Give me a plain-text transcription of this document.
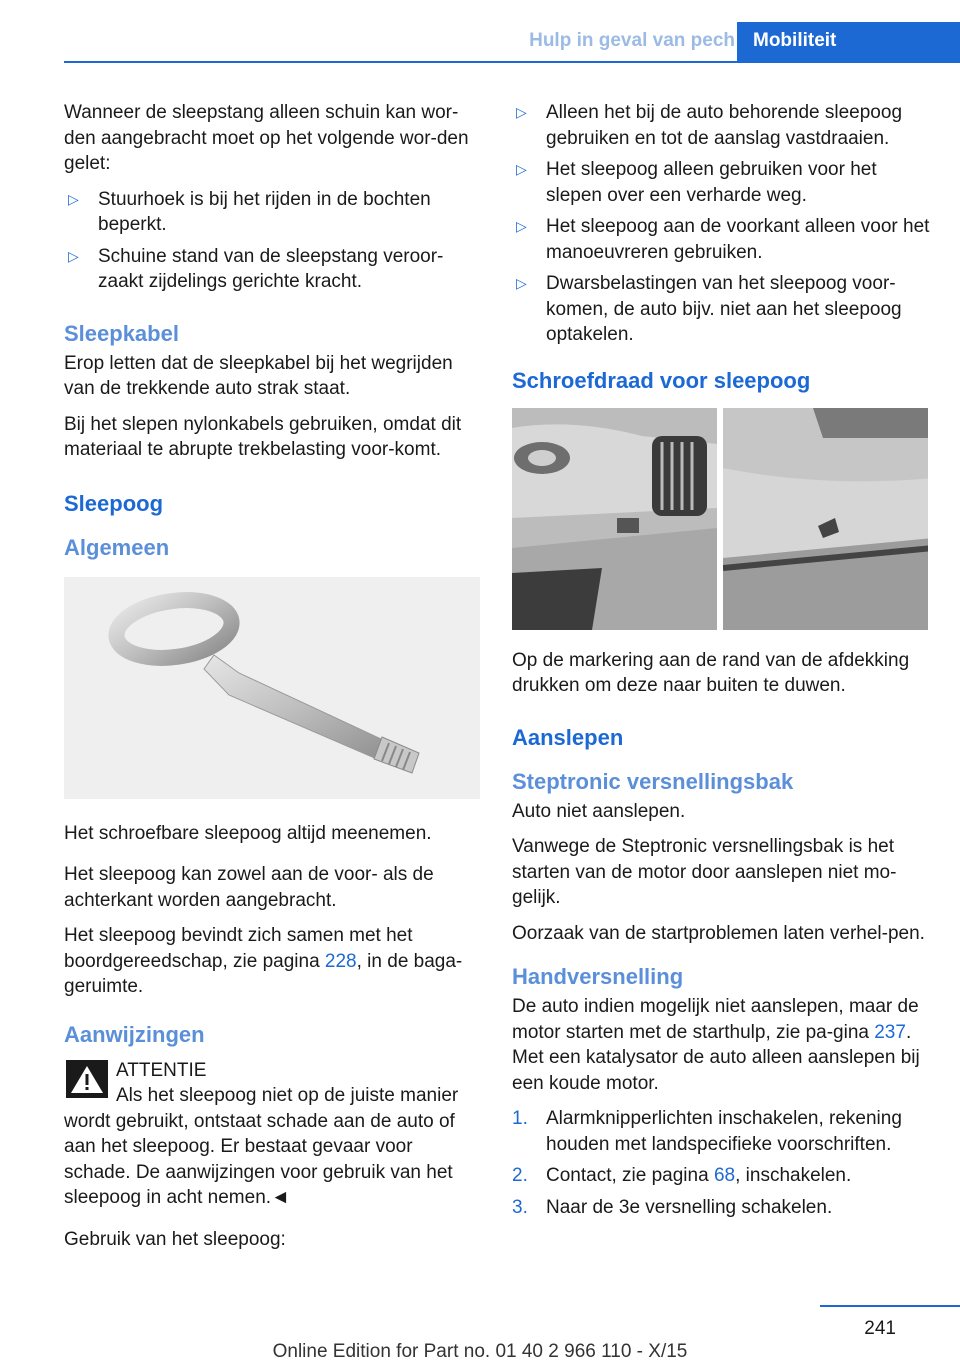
Hulp in geval van pech Mobiliteit

Wanneer de sleepstang alleen schuin kan wor-den aangebracht moet op het volgende wor-den gelet:

▷ Stuurhoek is bij het rijden in de bochten beperkt.
▷ Schuine stand van de sleepstang veroor-zaakt zijdelings gerichte kracht.
Sleepkabel

Erop letten dat de sleepkabel bij het wegrijden van de trekkende auto strak staat.

Bij het slepen nylonkabels gebruiken, omdat dit materiaal te abrupte trekbelasting voor-komt.

Sleepoog
Algemeen

Het schroefbare sleepoog altijd meenemen.

Het sleepoog kan zowel aan de voor- als de achterkant worden aangebracht.

Het sleepoog bevindt zich samen met het boordgereedschap, zie pagina 228, in de baga-geruimte.

Aanwijzingen

ATTENTIE

Als het sleepoog niet op de juiste manier

wordt gebruikt, ontstaat schade aan de auto of aan het sleepoog. Er bestaat gevaar voor schade. De aanwijzingen voor gebruik van het sleepoog in acht nemen.◄

Gebruik van het sleepoog:

▷ Alleen het bij de auto behorende sleepoog gebruiken en tot de aanslag vastdraaien.
▷ Het sleepoog alleen gebruiken voor het slepen over een verharde weg.
▷ Het sleepoog aan de voorkant alleen voor het manoeuvreren gebruiken.
▷ Dwarsbelastingen van het sleepoog voor-komen, de auto bijv. niet aan het sleepoog optakelen.
Schroefdraad voor sleepoog

Op de markering aan de rand van de afdekking drukken om deze naar buiten te duwen.

Aanslepen
Steptronic versnellingsbak

Auto niet aanslepen.

Vanwege de Steptronic versnellingsbak is het starten van de motor door aanslepen niet mo-gelijk.

Oorzaak van de startproblemen laten verhel-pen.

Handversnelling

De auto indien mogelijk niet aanslepen, maar de motor starten met de starthulp, zie pa-gina 237. Met een katalysator de auto alleen aanslepen bij een koude motor.

1. Alarmknipperlichten inschakelen, rekening houden met landspecifieke voorschriften.
2. Contact, zie pagina 68, inschakelen.
3. Naar de 3e versnelling schakelen.
241
Online Edition for Part no. 01 40 2 966 110 - X/15
